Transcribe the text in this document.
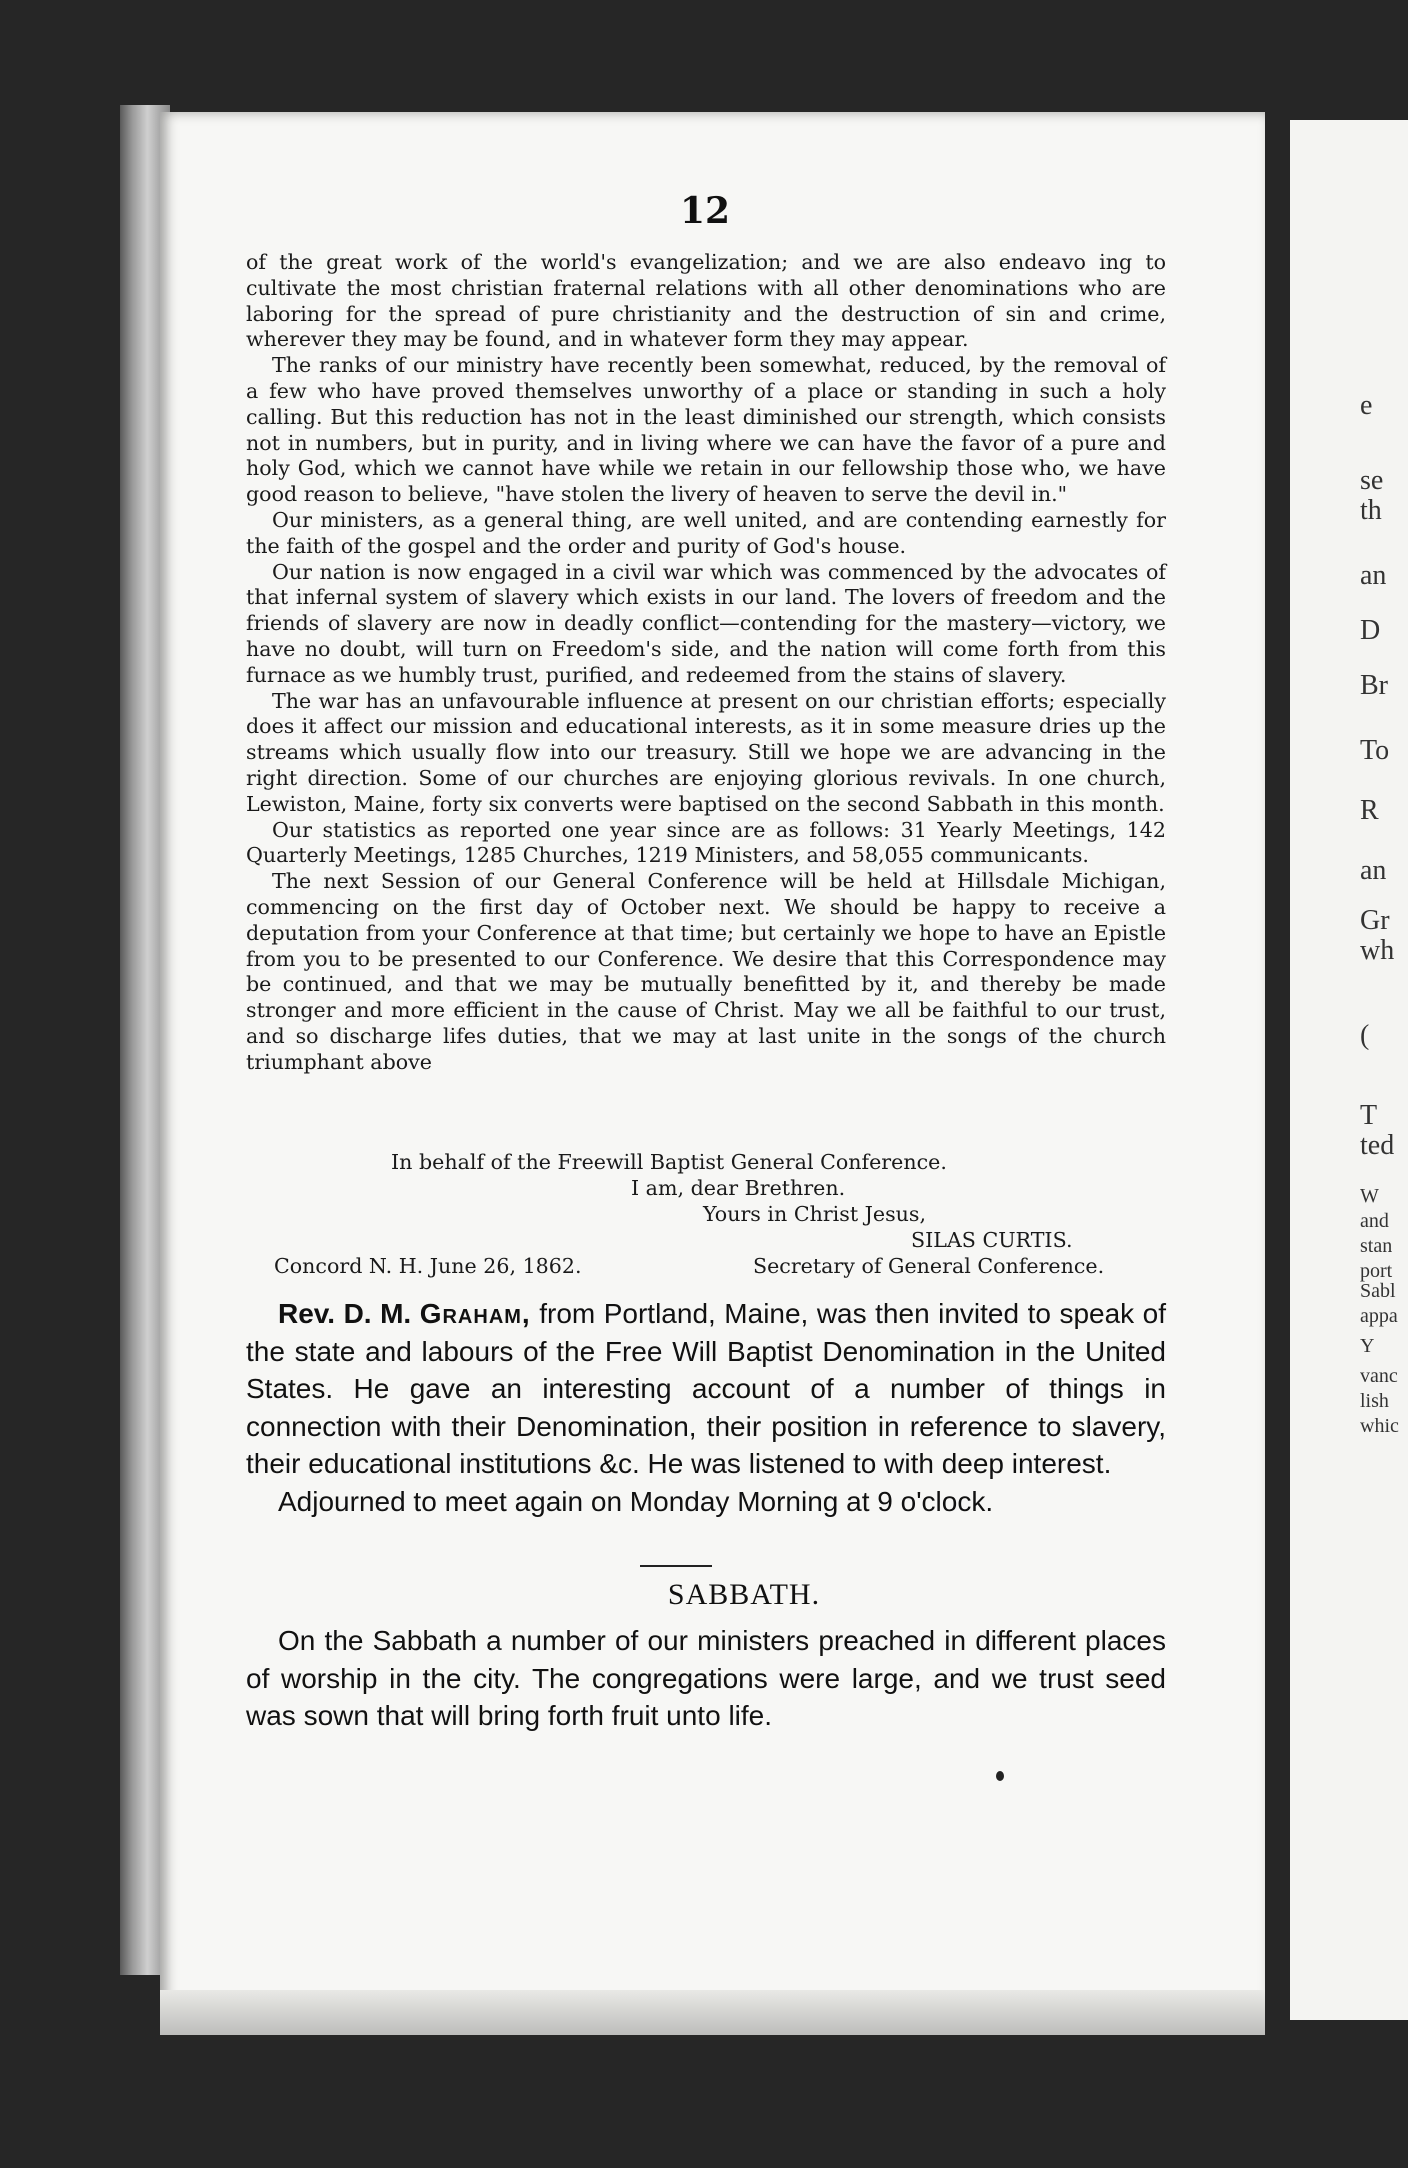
e
se
th
an
D
Br
To
R
an
Gr
wh
(
T
ted
W
and
stan
port
Sabl
appa
Y
vanc
lish
whic
12

of the great work of the world's evangelization; and we are also endeavo ing to cultivate the most christian fraternal relations with all other denominations who are laboring for the spread of pure christianity and the destruction of sin and crime, wherever they may be found, and in whatever form they may appear.

The ranks of our ministry have recently been somewhat, reduced, by the removal of a few who have proved themselves unworthy of a place or standing in such a holy calling. But this reduction has not in the least diminished our strength, which consists not in numbers, but in purity, and in living where we can have the favor of a pure and holy God, which we cannot have while we retain in our fellowship those who, we have good reason to believe, "have stolen the livery of heaven to serve the devil in."

Our ministers, as a general thing, are well united, and are contending earnestly for the faith of the gospel and the order and purity of God's house.

Our nation is now engaged in a civil war which was commenced by the advocates of that infernal system of slavery which exists in our land. The lovers of freedom and the friends of slavery are now in deadly conflict—contending for the mastery—victory, we have no doubt, will turn on Freedom's side, and the nation will come forth from this furnace as we humbly trust, purified, and redeemed from the stains of slavery.

The war has an unfavourable influence at present on our christian efforts; especially does it affect our mission and educational interests, as it in some measure dries up the streams which usually flow into our treasury. Still we hope we are advancing in the right direction. Some of our churches are enjoying glorious revivals. In one church, Lewiston, Maine, forty six converts were baptised on the second Sabbath in this month.

Our statistics as reported one year since are as follows: 31 Yearly Meetings, 142 Quarterly Meetings, 1285 Churches, 1219 Ministers, and 58,055 communicants.

The next Session of our General Conference will be held at Hillsdale Michigan, commencing on the first day of October next. We should be happy to receive a deputation from your Conference at that time; but certainly we hope to have an Epistle from you to be presented to our Conference. We desire that this Correspondence may be continued, and that we may be mutually benefitted by it, and thereby be made stronger and more efficient in the cause of Christ. May we all be faithful to our trust, and so discharge lifes duties, that we may at last unite in the songs of the church triumphant above

In behalf of the Freewill Baptist General Conference.
I am, dear Brethren.
Yours in Christ Jesus,
SILAS CURTIS.
Concord N. H. June 26, 1862.	Secretary of General Conference.

Rev. D. M. Graham, from Portland, Maine, was then invited to speak of the state and labours of the Free Will Baptist Denomination in the United States. He gave an interesting account of a number of things in connection with their Denomination, their position in reference to slavery, their educational institutions &c. He was listened to with deep interest.

Adjourned to meet again on Monday Morning at 9 o'clock.

SABBATH.

On the Sabbath a number of our ministers preached in different places of worship in the city. The congregations were large, and we trust seed was sown that will bring forth fruit unto life.
